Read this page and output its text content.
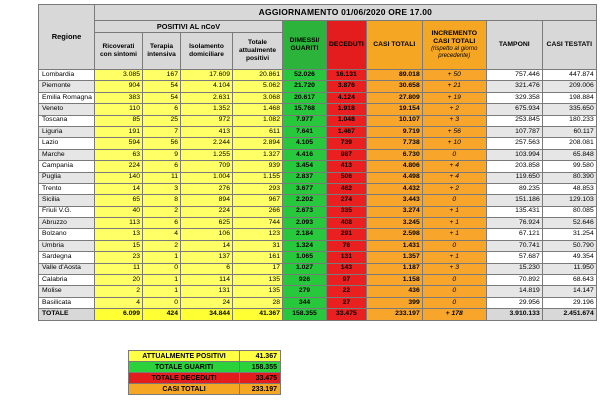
Regione	AGGIORNAMENTO 01/06/2020 ORE 17.00									
	POSITIVI AL nCoV				DIMESSI/ GUARITI	DECEDUTI	CASI TOTALI	INCREMENTO CASI TOTALI
(rispetto al giorno precedente)	TAMPONI	CASI TESTATI
	Ricoverati con sintomi	Terapia intensiva	Isolamento domiciliare	Totale attualmente positivi						
Lombardia	3.085	167	17.609	20.861	52.026	16.131	89.018	+ 50	757.446	447.874
Piemonte	904	54	4.104	5.062	21.720	3.876	30.658	+ 21	321.476	209.006
Emilia Romagna	383	54	2.631	3.068	20.617	4.124	27.809	+ 19	329.358	198.884
Veneto	110	6	1.352	1.468	15.768	1.918	19.154	+ 2	675.934	335.650
Toscana	85	25	972	1.082	7.977	1.048	10.107	+ 3	253.845	180.233
Liguria	191	7	413	611	7.641	1.467	9.719	+ 56	107.787	60.117
Lazio	594	56	2.244	2.894	4.105	739	7.738	+ 10	257.563	208.081
Marche	63	9	1.255	1.327	4.416	987	6.730	0	103.994	65.848
Campania	224	6	709	939	3.454	413	4.806	+ 4	203.858	99.580
Puglia	140	11	1.004	1.155	2.837	506	4.498	+ 4	119.650	80.390
Trento	14	3	276	293	3.677	462	4.432	+ 2	89.235	48.853
Sicilia	65	8	894	967	2.202	274	3.443	0	151.186	129.103
Friuli V.G.	40	2	224	266	2.673	335	3.274	+ 1	135.431	80.085
Abruzzo	113	6	625	744	2.093	408	3.245	+ 1	76.924	52.646
Bolzano	13	4	106	123	2.184	291	2.598	+ 1	67.121	31.254
Umbria	15	2	14	31	1.324	76	1.431	0	70.741	50.790
Sardegna	23	1	137	161	1.065	131	1.357	+ 1	57.687	49.354
Valle d'Aosta	11	0	6	17	1.027	143	1.187	+ 3	15.230	11.950
Calabria	20	1	114	135	926	97	1.158	0	70.892	68.643
Molise	2	1	131	135	279	22	436	0	14.819	14.147
Basilicata	4	0	24	28	344	27	399	0	29.956	29.196
TOTALE	6.099	424	34.844	41.367	158.355	33.475	233.197	+ 178	3.910.133	2.451.674
ATTUALMENTE POSITIVI	41.367
TOTALE GUARITI	158.355
TOTALE DECEDUTI	33.475
CASI TOTALI	233.197
